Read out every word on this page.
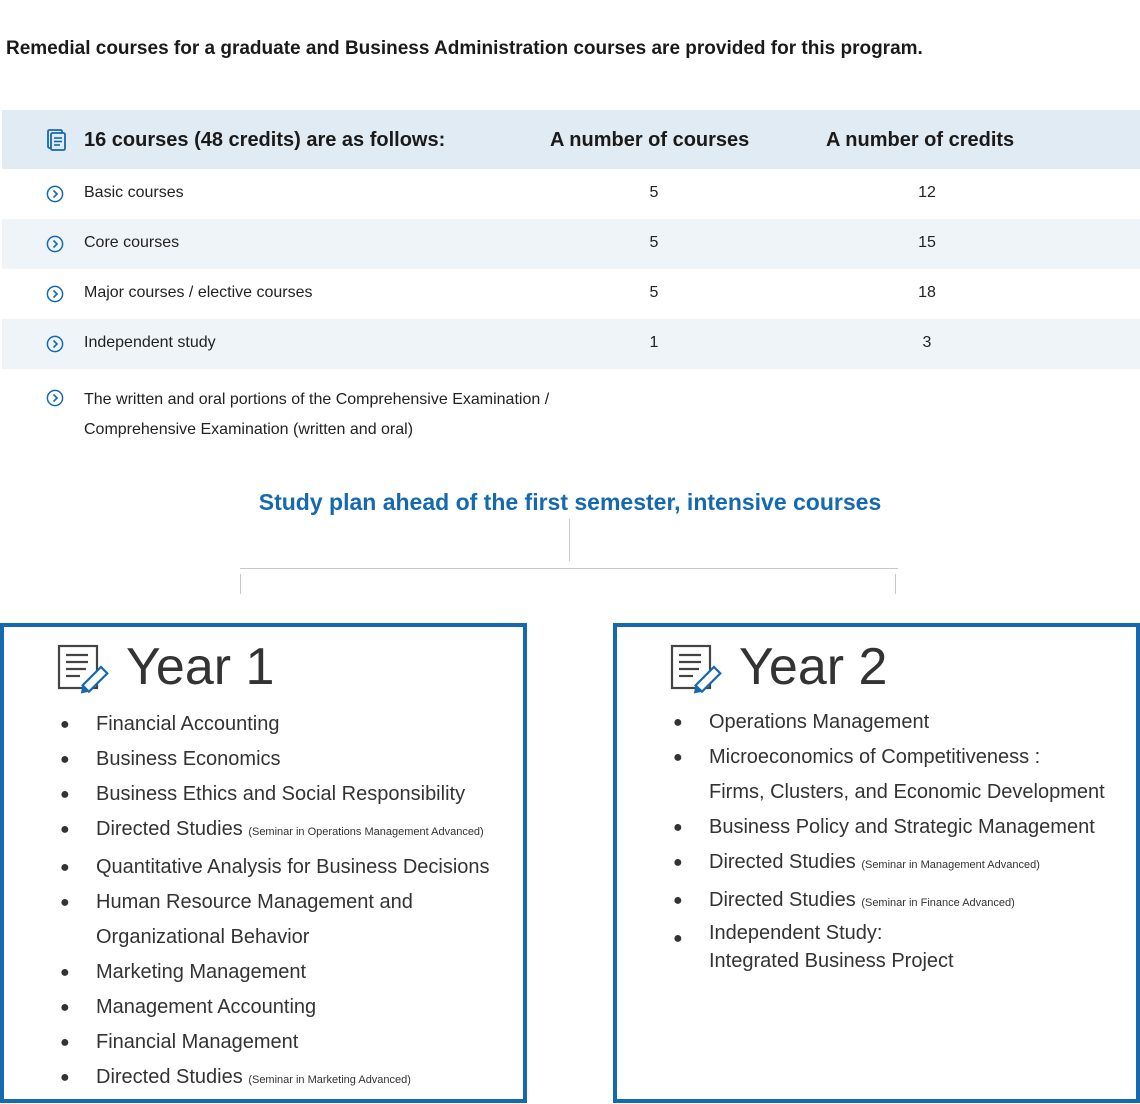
Remedial courses for a graduate and Business Administration courses are provided for this program.
16 courses (48 credits) are as follows:	A number of courses	A number of credits
Basic courses	5	12
Core courses	5	15
Major courses / elective courses	5	18
Independent study	1	3
The written and oral portions of the Comprehensive Examination /
Comprehensive Examination (written and oral)
Study plan ahead of the first semester, intensive courses
Year 1
● Financial Accounting
● Business Economics
● Business Ethics and Social Responsibility
● Directed Studies (Seminar in Operations Management Advanced)
● Quantitative Analysis for Business Decisions
● Human Resource Management and
Organizational Behavior
● Marketing Management
● Management Accounting
● Financial Management
● Directed Studies (Seminar in Marketing Advanced)
Year 2
● Operations Management
● Microeconomics of Competitiveness :
Firms, Clusters, and Economic Development
● Business Policy and Strategic Management
● Directed Studies (Seminar in Management Advanced)
● Directed Studies (Seminar in Finance Advanced)
● Independent Study:
Integrated Business Project
